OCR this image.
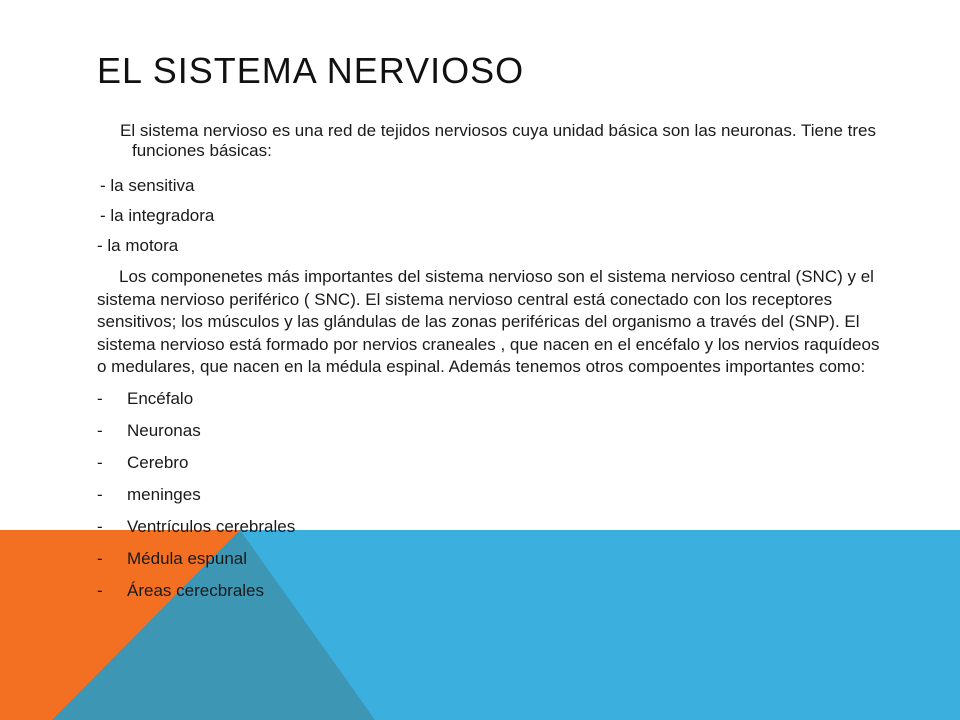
EL SISTEMA NERVIOSO

El sistema nervioso es una red de tejidos nerviosos cuya unidad básica son las neuronas. Tiene tres funciones básicas:

- la sensitiva

- la integradora

- la motora

Los componenetes más importantes del sistema nervioso son el sistema nervioso central (SNC) y el sistema nervioso periférico ( SNC). El sistema nervioso central está conectado con los receptores sensitivos; los músculos y las glándulas de las zonas periféricas del organismo a través del (SNP). El sistema nervioso está formado por nervios craneales , que nacen en el encéfalo y los nervios raquídeos o medulares, que nacen en la médula espinal. Además tenemos otros compoentes importantes como:

-	Encéfalo
-	Neuronas
-	Cerebro
-	meninges
-	Ventrículos cerebrales
-	Médula espunal
-	Áreas cerecbrales
